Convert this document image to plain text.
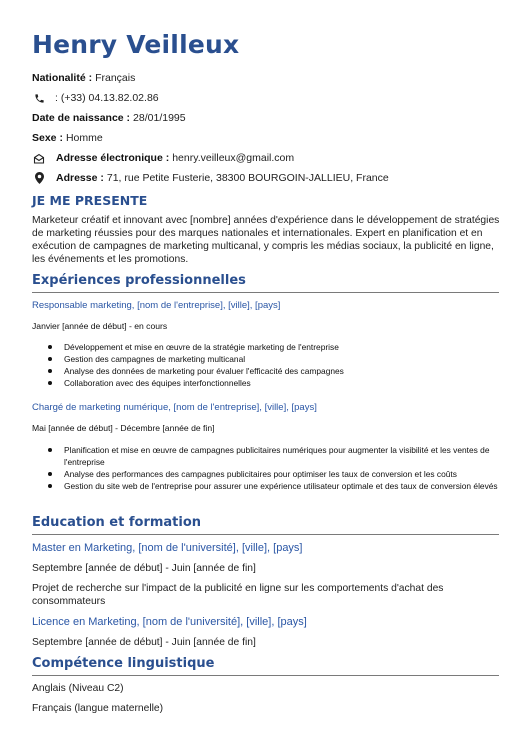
Henry Veilleux
Nationalité : Français
: (+33) 04.13.82.02.86
Date de naissance : 28/01/1995
Sexe : Homme
Adresse électronique : henry.veilleux@gmail.com
Adresse : 71, rue Petite Fusterie, 38300 BOURGOIN-JALLIEU, France
JE ME PRESENTE
Marketeur créatif et innovant avec [nombre] années d'expérience dans le développement de stratégies de marketing réussies pour des marques nationales et internationales. Expert en planification et en exécution de campagnes de marketing multicanal, y compris les médias sociaux, la publicité en ligne, les événements et les promotions.
Expériences professionnelles
Responsable marketing, [nom de l'entreprise], [ville], [pays]
Janvier [année de début] - en cours
Développement et mise en œuvre de la stratégie marketing de l'entreprise
Gestion des campagnes de marketing multicanal
Analyse des données de marketing pour évaluer l'efficacité des campagnes
Collaboration avec des équipes interfonctionnelles
Chargé de marketing numérique, [nom de l'entreprise], [ville], [pays]
Mai [année de début] - Décembre [année de fin]
Planification et mise en œuvre de campagnes publicitaires numériques pour augmenter la visibilité et les ventes de l'entreprise
Analyse des performances des campagnes publicitaires pour optimiser les taux de conversion et les coûts
Gestion du site web de l'entreprise pour assurer une expérience utilisateur optimale et des taux de conversion élevés
Education et formation
Master en Marketing, [nom de l'université], [ville], [pays]
Septembre [année de début] - Juin [année de fin]
Projet de recherche sur l'impact de la publicité en ligne sur les comportements d'achat des consommateurs
Licence en Marketing, [nom de l'université], [ville], [pays]
Septembre [année de début] - Juin [année de fin]
Compétence linguistique
Anglais (Niveau C2)
Français (langue maternelle)
